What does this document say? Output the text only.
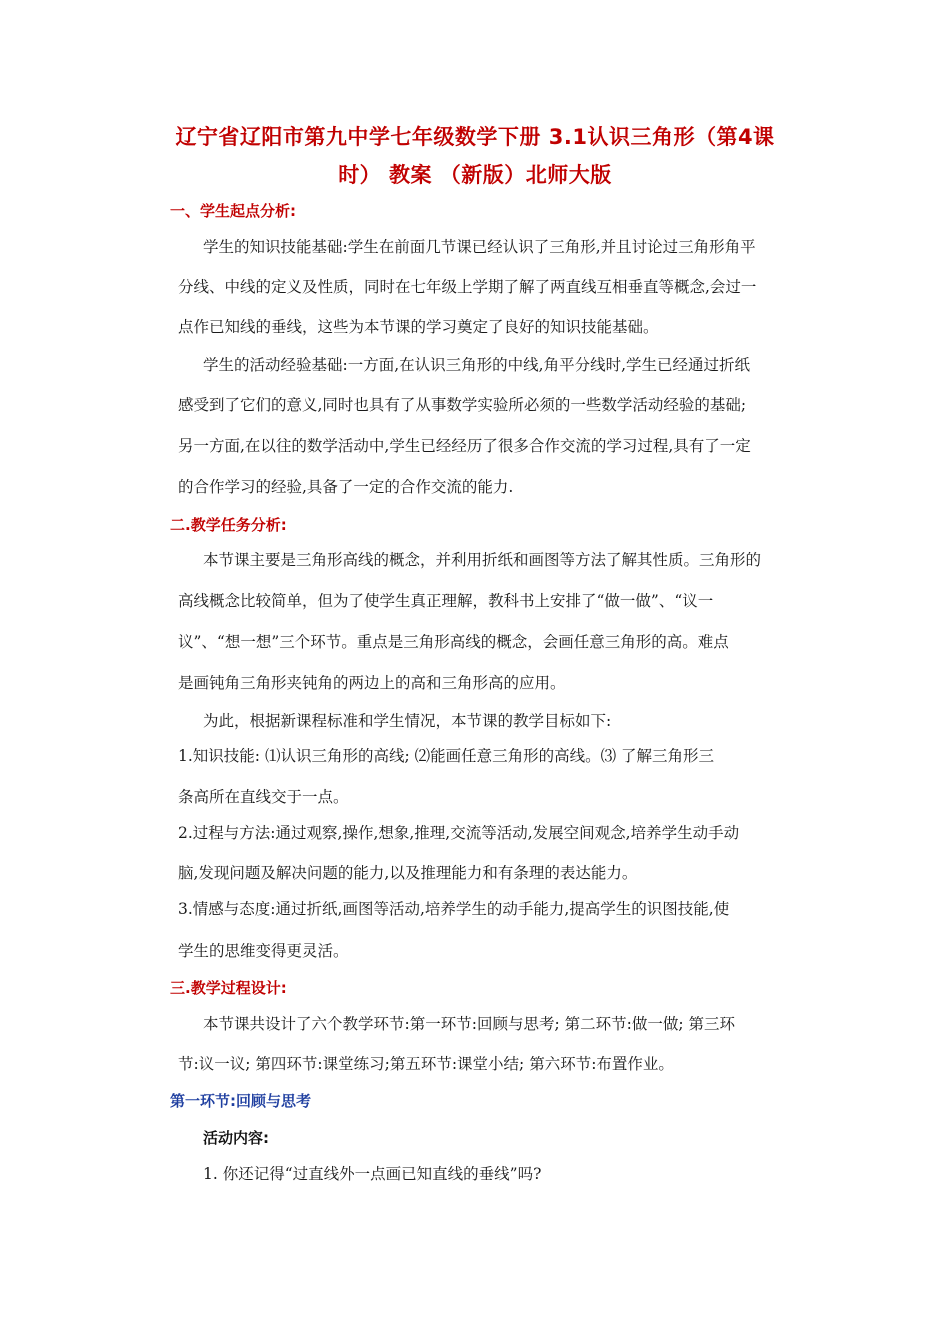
辽宁省辽阳市第九中学七年级数学下册 3.1认识三角形（第4课
时） 教案 （新版）北师大版
一、学生起点分析:
学生的知识技能基础:学生在前面几节课已经认识了三角形,并且讨论过三角形角平
分线、中线的定义及性质，同时在七年级上学期了解了两直线互相垂直等概念,会过一
点作已知线的垂线，这些为本节课的学习奠定了良好的知识技能基础。
学生的活动经验基础:一方面,在认识三角形的中线,角平分线时,学生已经通过折纸
感受到了它们的意义,同时也具有了从事数学实验所必须的一些数学活动经验的基础;
另一方面,在以往的数学活动中,学生已经经历了很多合作交流的学习过程,具有了一定
的合作学习的经验,具备了一定的合作交流的能力.
二.教学任务分析:
本节课主要是三角形高线的概念，并利用折纸和画图等方法了解其性质。三角形的
高线概念比较简单，但为了使学生真正理解，教科书上安排了“做一做”、“议一
议”、“想一想”三个环节。重点是三角形高线的概念，会画任意三角形的高。难点
是画钝角三角形夹钝角的两边上的高和三角形高的应用。
为此，根据新课程标准和学生情况，本节课的教学目标如下:
1.知识技能: ⑴认识三角形的高线; ⑵能画任意三角形的高线。⑶ 了解三角形三
条高所在直线交于一点。
2.过程与方法:通过观察,操作,想象,推理,交流等活动,发展空间观念,培养学生动手动
脑,发现问题及解决问题的能力,以及推理能力和有条理的表达能力。
3.情感与态度:通过折纸,画图等活动,培养学生的动手能力,提高学生的识图技能,使
学生的思维变得更灵活。
三.教学过程设计:
本节课共设计了六个教学环节:第一环节:回顾与思考; 第二环节:做一做; 第三环
节:议一议; 第四环节:课堂练习;第五环节:课堂小结; 第六环节:布置作业。
第一环节:回顾与思考
活动内容:
1. 你还记得“过直线外一点画已知直线的垂线”吗?
